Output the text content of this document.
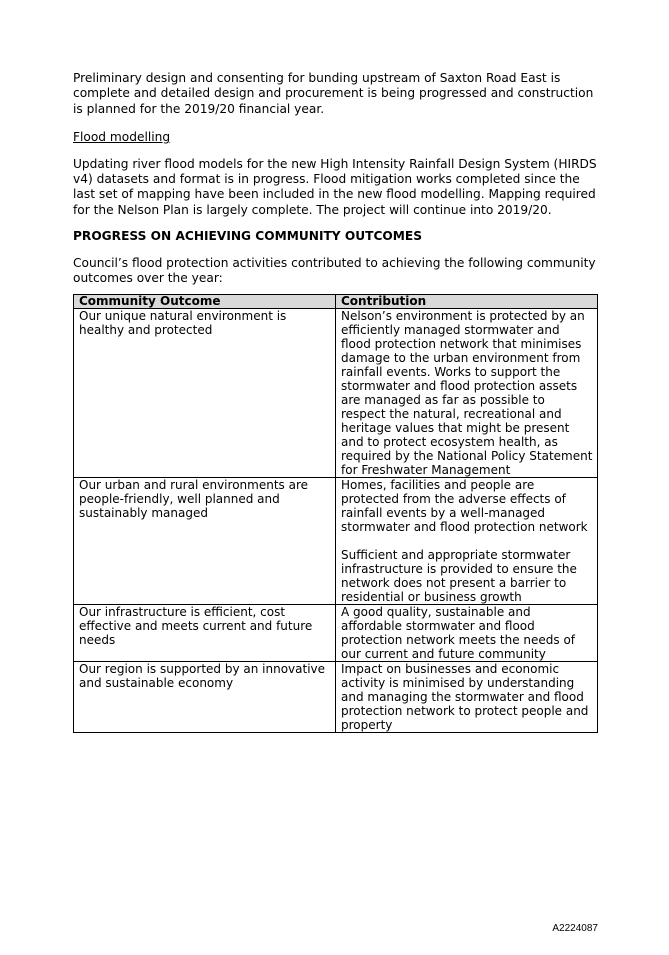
Preliminary design and consenting for bunding upstream of Saxton Road East is complete and detailed design and procurement is being progressed and construction is planned for the 2019/20 financial year.

Flood modelling

Updating river flood models for the new High Intensity Rainfall Design System (HIRDS v4) datasets and format is in progress. Flood mitigation works completed since the last set of mapping have been included in the new flood modelling. Mapping required for the Nelson Plan is largely complete. The project will continue into 2019/20.

PROGRESS ON ACHIEVING COMMUNITY OUTCOMES

Council’s flood protection activities contributed to achieving the following community outcomes over the year:

Community Outcome	Contribution
Our unique natural environment is healthy and protected	Nelson’s environment is protected by an efficiently managed stormwater and flood protection network that minimises damage to the urban environment from rainfall events. Works to support the stormwater and flood protection assets are managed as far as possible to respect the natural, recreational and heritage values that might be present and to protect ecosystem health, as required by the National Policy Statement for Freshwater Management
Our urban and rural environments are people-friendly, well planned and sustainably managed	Homes, facilities and people are protected from the adverse effects of rainfall events by a well-managed stormwater and flood protection network
Sufficient and appropriate stormwater infrastructure is provided to ensure the network does not present a barrier to residential or business growth
Our infrastructure is efficient, cost effective and meets current and future needs	A good quality, sustainable and affordable stormwater and flood protection network meets the needs of our current and future community
Our region is supported by an innovative and sustainable economy	Impact on businesses and economic activity is minimised by understanding and managing the stormwater and flood protection network to protect people and property
A2224087
